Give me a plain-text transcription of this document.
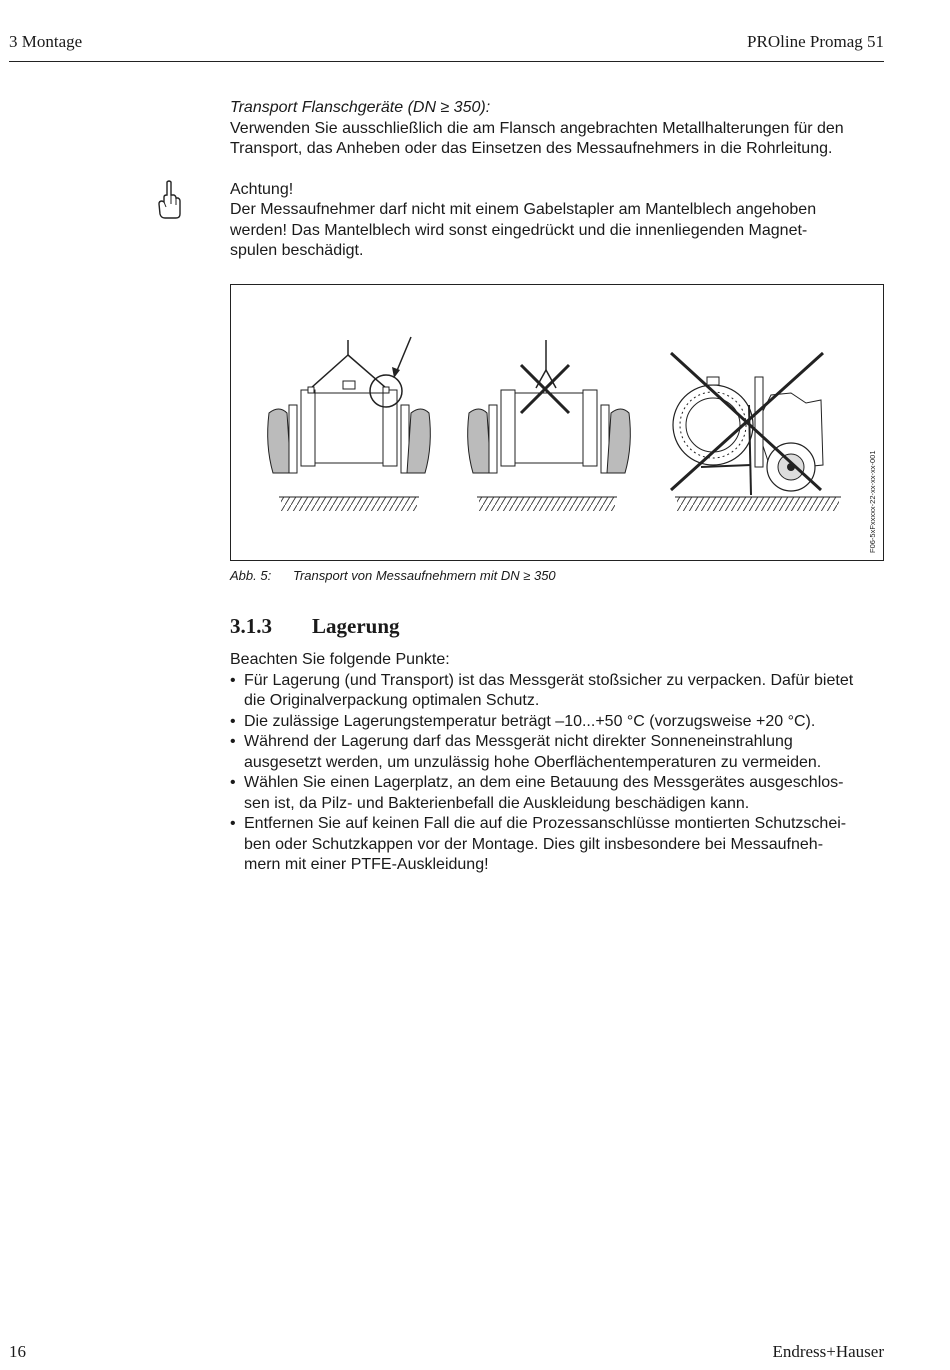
3 Montage	PROline Promag 51

Transport Flanschgeräte (DN ≥ 350):

Verwenden Sie ausschließlich die am Flansch angebrachten Metallhalterungen für den

Transport, das Anheben oder das Einsetzen des Messaufnehmers in die Rohrleitung.

Achtung!

Der Messaufnehmer darf nicht mit einem Gabelstapler am Mantelblech angehoben

werden! Das Mantelblech wird sonst eingedrückt und die innenliegenden Magnet-

spulen beschädigt.

F06-5xFxxxxx-22-xx-xx-xx-001
Abb. 5: Transport von Messaufnehmern mit DN ≥ 350
3.1.3 Lagerung

Beachten Sie folgende Punkte:

• Für Lagerung (und Transport) ist das Messgerät stoßsicher zu verpacken. Dafür bietet
die Originalverpackung optimalen Schutz.
• Die zulässige Lagerungstemperatur beträgt –10...+50 °C (vorzugsweise +20 °C).
• Während der Lagerung darf das Messgerät nicht direkter Sonneneinstrahlung
ausgesetzt werden, um unzulässig hohe Oberflächentemperaturen zu vermeiden.
• Wählen Sie einen Lagerplatz, an dem eine Betauung des Messgerätes ausgeschlos-
sen ist, da Pilz- und Bakterienbefall die Auskleidung beschädigen kann.
• Entfernen Sie auf keinen Fall die auf die Prozessanschlüsse montierten Schutzschei-
ben oder Schutzkappen vor der Montage. Dies gilt insbesondere bei Messaufneh-
mern mit einer PTFE-Auskleidung!
16	Endress+Hauser
